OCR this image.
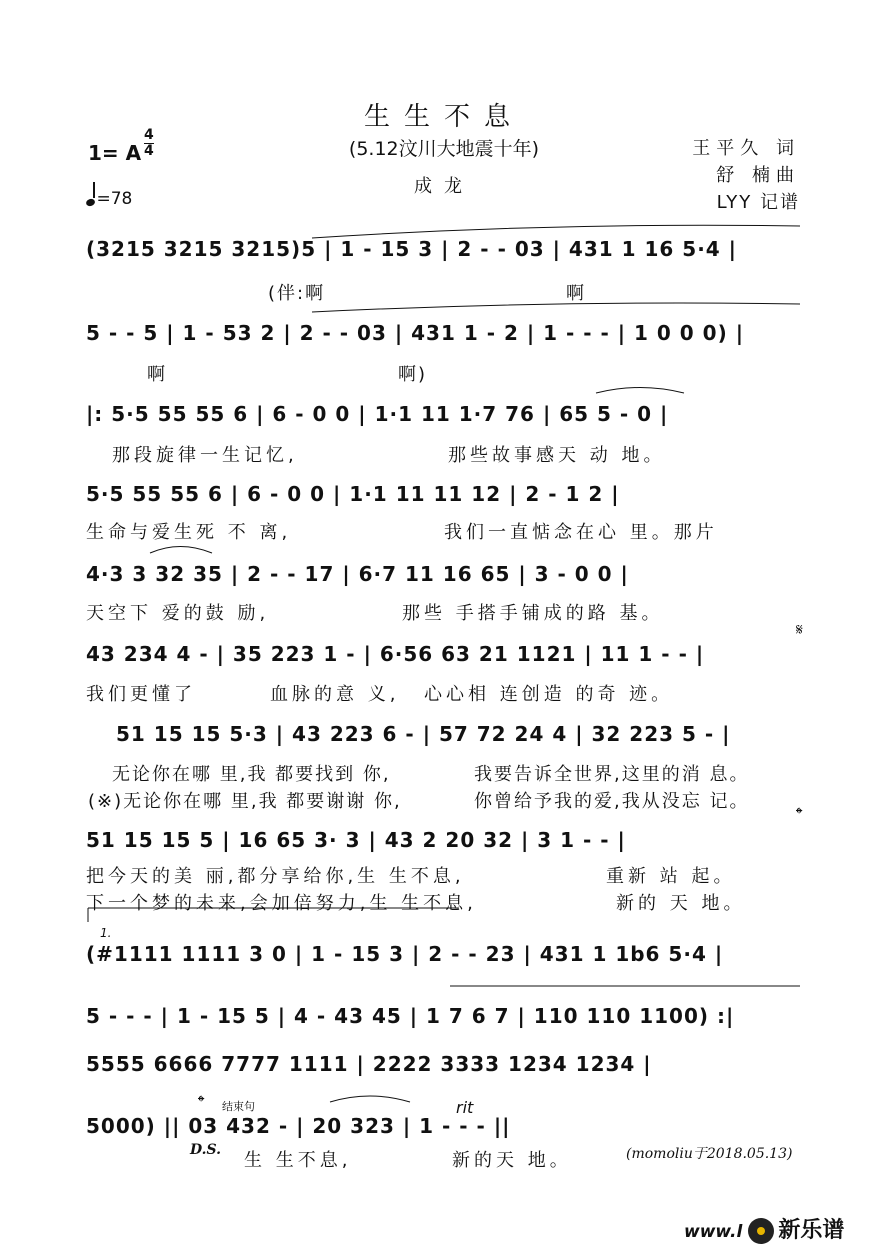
生生不息
(5.12汶川大地震十年)
成龙
1= A
4
4
=78
王平久 词
舒 楠曲
LYY 记谱
(3215 3215 3215)5 | 1 - 15 3 | 2 - - 03 | 431 1 16 5·4 |
(伴:啊	啊
5 - - 5 | 1 - 53 2 | 2 - - 03 | 431 1 - 2 | 1 - - - | 1 0 0 0) |
啊	啊)
|: 5·5 55 55 6 | 6 - 0 0 | 1·1 11 1·7 76 | 65 5 - 0 |
那段旋律一生记忆,	那些故事感天 动 地。
5·5 55 55 6 | 6 - 0 0 | 1·1 11 11 12 | 2 - 1 2 |
生命与爱生死 不 离,	我们一直惦念在心 里。那片
4·3 3 32 35 | 2 - - 17 | 6·7 11 16 65 | 3 - 0 0 |
天空下 爱的鼓 励,	那些 手搭手铺成的路 基。
43 234 4 - | 35 223 1 - | 6·56 63 21 1121 | 11 1 - - |
𝄋
我们更懂了	血脉的意 义, 心心相 连创造 的奇 迹。
51 15 15 5·3 | 43 223 6 - | 57 72 24 4 | 32 223 5 - |
无论你在哪 里,我 都要找到 你,	我要告诉全世界,这里的消 息。
(※)无论你在哪 里,我 都要谢谢 你,	你曾给予我的爱,我从没忘 记。
51 15 15 5 | 16 65 3· 3 | 43 2 20 32 | 3 1 - - |
𝄌
把今天的美 丽,都分享给你,生 生不息,	重新 站 起。
下一个梦的未来,会加倍努力,生 生不息,	新的 天 地。
1.
(#1111 1111 3 0 | 1 - 15 3 | 2 - - 23 | 431 1 1b6 5·4 |
5 - - - | 1 - 15 5 | 4 - 43 45 | 1 7 6 7 | 110 110 1100) :|
5555 6666 7777 1111 | 2222 3333 1234 1234 |
𝄌 结束句	rit
5000) || 03 432 - | 20 323 | 1 - - - ||
D.S. 生 生不息,	新的天 地。	(momoliu于2018.05.13)
www.l 新乐谱
